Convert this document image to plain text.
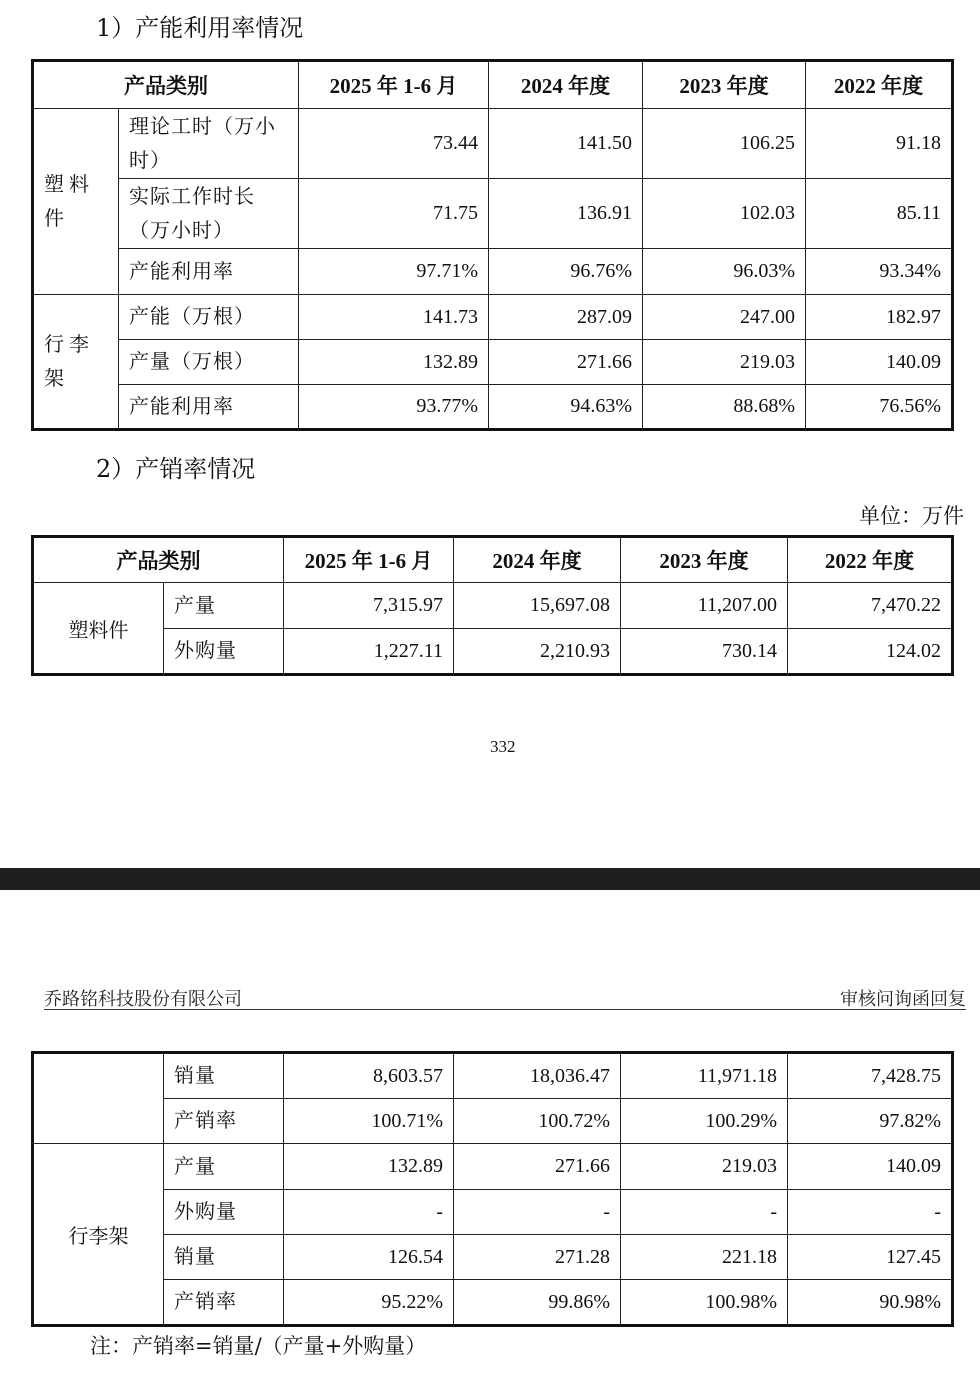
1）产能利用率情况
产品类别		2025 年 1-6 月	2024 年度	2023 年度	2022 年度

塑 料
件	理论工时（万小时）	73.44	141.50	106.25	91.18
	实际工作时长（万小时）	71.75	136.91	102.03	85.11
	产能利用率	97.71%	96.76%	96.03%	93.34%

行 李
架	产能（万根）	141.73	287.09	247.00	182.97
	产量（万根）	132.89	271.66	219.03	140.09
	产能利用率	93.77%	94.63%	88.68%	76.56%
2）产销率情况
单位：万件
产品类别		2025 年 1-6 月	2024 年度	2023 年度	2022 年度
塑料件	产量	7,315.97	15,697.08	11,207.00	7,470.22
	外购量	1,227.11	2,210.93	730.14	124.02
332
乔路铭科技股份有限公司	审核问询函回复
	销量	8,603.57	18,036.47	11,971.18	7,428.75
	产销率	100.71%	100.72%	100.29%	97.82%
行李架	产量	132.89	271.66	219.03	140.09
	外购量	-	-	-	-
	销量	126.54	271.28	221.18	127.45
	产销率	95.22%	99.86%	100.98%	90.98%
注：产销率=销量/（产量+外购量）
